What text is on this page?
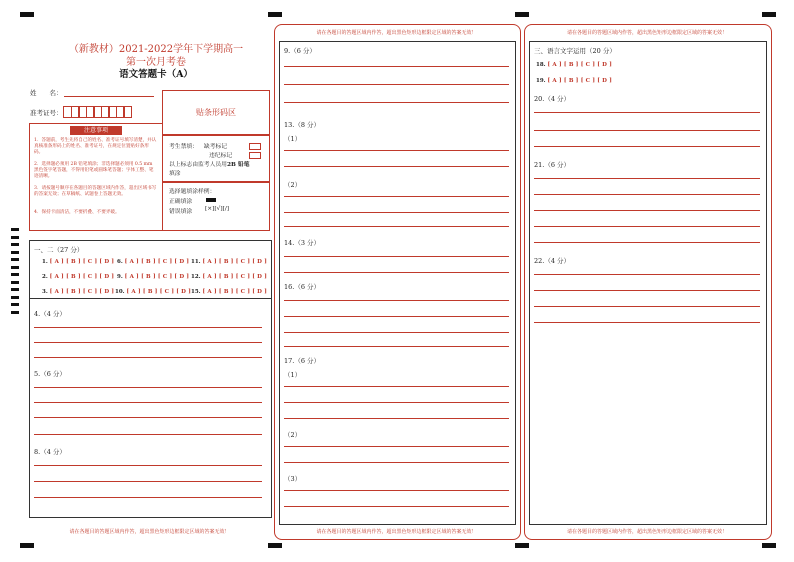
（新教材）2021-2022学年下学期高一
第一次月考卷
语文答题卡（A）
姓　　名：
准考证号：	贴条形码区
注意事项
1．答题前，考生先将自己的姓名、准考证号填写清楚，并认真核准条形码上的姓名、准考证号，在规定位置贴好条形码。
2．选择题必须用 2B 铅笔填涂；非选择题必须用 0.5 mm 黑色签字笔答题，不得用铅笔或圆珠笔答题；字体工整、笔迹清晰。
3．请按题号顺序在各题目的答题区域内作答，超出区域书写的答案无效；在草稿纸、试题卷上答题无效。
4．保持卡面清洁，不要折叠、不要弄破。
考生禁填： 缺考标记
违纪标记
以上标志由监考人员用2B 铅笔
填涂
选择题填涂样例：
正确填涂
错误填涂 [×][√][/]
一、二（27 分）
1. [ A ] [ B ] [ C ] [ D ]
2. [ A ] [ B ] [ C ] [ D ]
3. [ A ] [ B ] [ C ] [ D ]
6. [ A ] [ B ] [ C ] [ D ]
9. [ A ] [ B ] [ C ] [ D ]
10. [ A ] [ B ] [ C ] [ D ]
11. [ A ] [ B ] [ C ] [ D ]
12. [ A ] [ B ] [ C ] [ D ]
15. [ A ] [ B ] [ C ] [ D ]
4.（4 分）
5.（6 分）
8.（4 分）
请在各题目的答题区域内作答，超出黑色矩形边框限定区域的答案无效！
请在各题目的答题区域内作答，超出黑色矩形边框限定区域的答案无效！
请在各题目的答题区域内作答，超出黑色矩形边框限定区域的答案无效！
9.（6 分）
13.（8 分）
（1）
（2）
14.（3 分）
16.（6 分）
17.（6 分）
（1）
（2）
（3）
请在各题目的答题区域内作答，超出黑色矩形边框限定区域的答案无效！
请在各题目的答题区域内作答，超出黑色矩形边框限定区域的答案无效！
三、语言文字运用（20 分）
18. [ A ] [ B ] [ C ] [ D ]
19. [ A ] [ B ] [ C ] [ D ]
20.（4 分）
21.（6 分）
22.（4 分）
